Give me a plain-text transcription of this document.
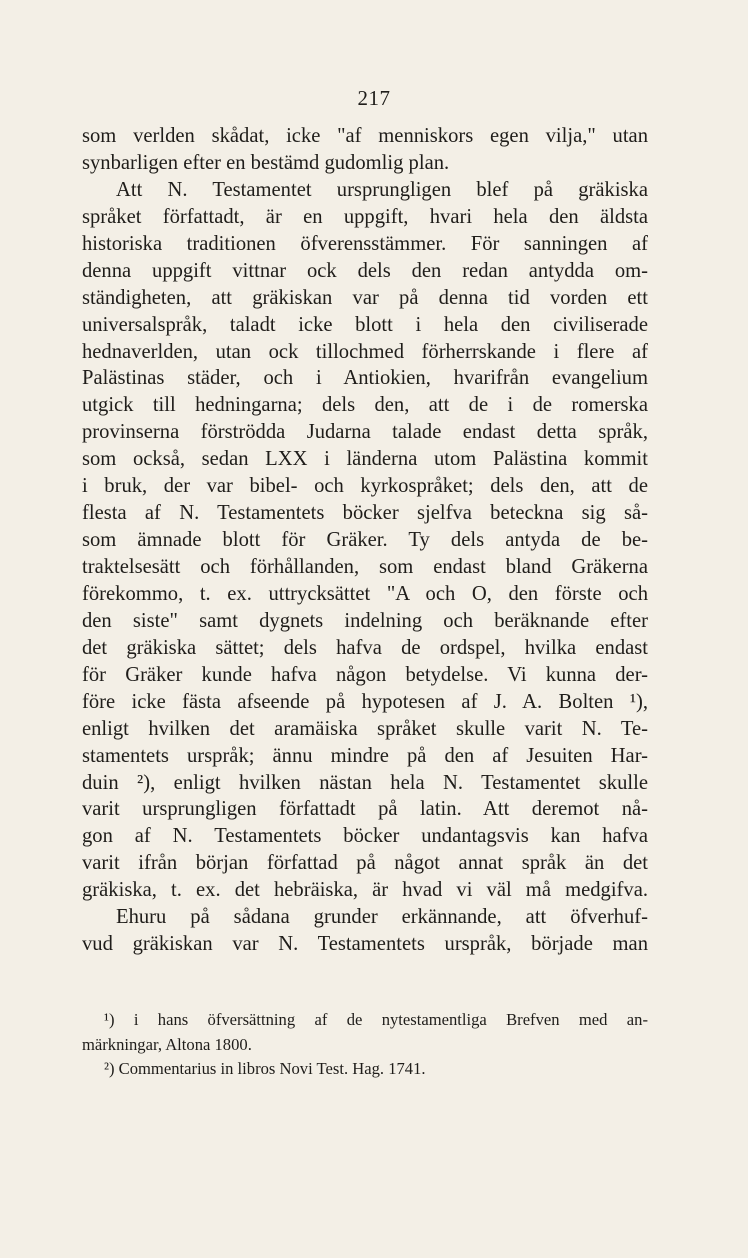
217
som verlden skådat, icke "af menniskors egen vilja," utan
synbarligen efter en bestämd gudomlig plan.
Att N. Testamentet ursprungligen blef på gräkiska
språket författadt, är en uppgift, hvari hela den äldsta
historiska traditionen öfverensstämmer. För sanningen af
denna uppgift vittnar ock dels den redan antydda om-
ständigheten, att gräkiskan var på denna tid vorden ett
universalspråk, taladt icke blott i hela den civiliserade
hednaverlden, utan ock tillochmed förherrskande i flere af
Palästinas städer, och i Antiokien, hvarifrån evangelium
utgick till hedningarna; dels den, att de i de romerska
provinserna förströdda Judarna talade endast detta språk,
som också, sedan LXX i länderna utom Palästina kommit
i bruk, der var bibel- och kyrkospråket; dels den, att de
flesta af N. Testamentets böcker sjelfva beteckna sig så-
som ämnade blott för Gräker. Ty dels antyda de be-
traktelsesätt och förhållanden, som endast bland Gräkerna
förekommo, t. ex. uttrycksättet "A och O, den förste och
den siste" samt dygnets indelning och beräknande efter
det gräkiska sättet; dels hafva de ordspel, hvilka endast
för Gräker kunde hafva någon betydelse. Vi kunna der-
före icke fästa afseende på hypotesen af J. A. Bolten ¹),
enligt hvilken det aramäiska språket skulle varit N. Te-
stamentets urspråk; ännu mindre på den af Jesuiten Har-
duin ²), enligt hvilken nästan hela N. Testamentet skulle
varit ursprungligen författadt på latin. Att deremot nå-
gon af N. Testamentets böcker undantagsvis kan hafva
varit ifrån början författad på något annat språk än det
gräkiska, t. ex. det hebräiska, är hvad vi väl må medgifva.
Ehuru på sådana grunder erkännande, att öfverhuf-
vud gräkiskan var N. Testamentets urspråk, började man
¹) i hans öfversättning af de nytestamentliga Brefven med an-
märkningar, Altona 1800.
²) Commentarius in libros Novi Test. Hag. 1741.
